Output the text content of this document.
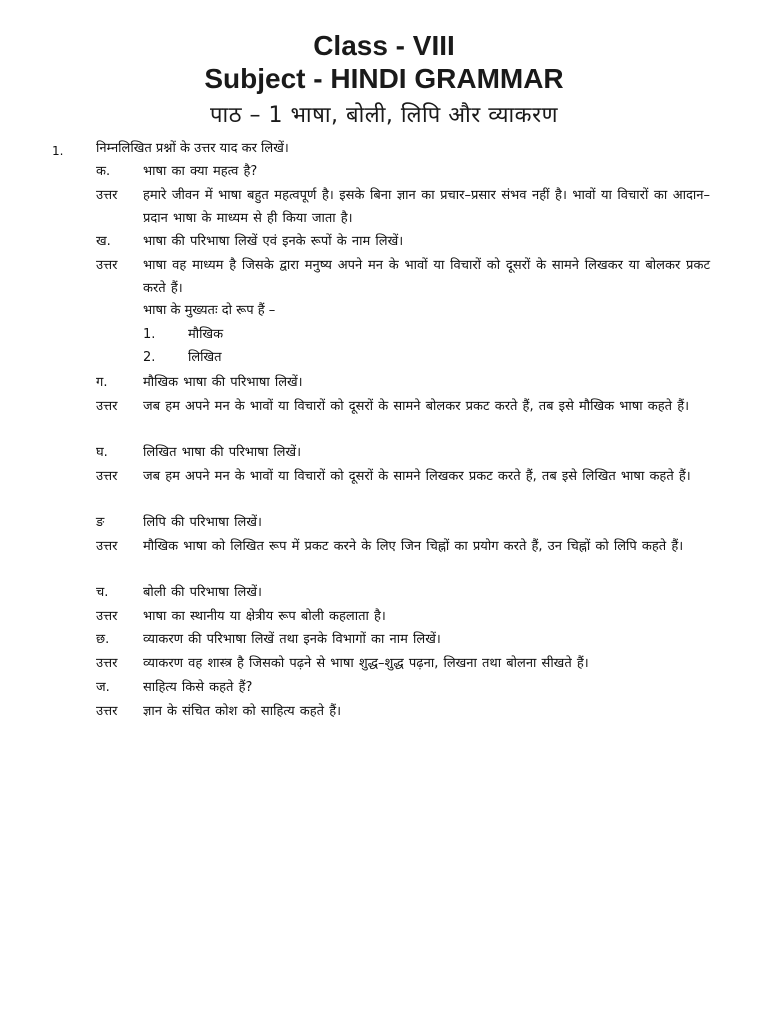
Class - VIII
Subject - HINDI GRAMMAR
पाठ – 1 भाषा, बोली, लिपि और व्याकरण
1.	निम्नलिखित प्रश्नों के उत्तर याद कर लिखें।
क.	भाषा का क्या महत्व है?
उत्तर	हमारे जीवन में भाषा बहुत महत्वपूर्ण है। इसके बिना ज्ञान का प्रचार–प्रसार संभव नहीं है। भावों या विचारों का आदान–प्रदान भाषा के माध्यम से ही किया जाता है।
ख.	भाषा की परिभाषा लिखें एवं इनके रूपों के नाम लिखें।
उत्तर	भाषा वह माध्यम है जिसके द्वारा मनुष्य अपने मन के भावों या विचारों को दूसरों के सामने लिखकर या बोलकर प्रकट करते हैं।
भाषा के मुख्यतः दो रूप हैं –
1.	मौखिक
2.	लिखित
ग.	मौखिक भाषा की परिभाषा लिखें।
उत्तर	जब हम अपने मन के भावों या विचारों को दूसरों के सामने बोलकर प्रकट करते हैं, तब इसे मौखिक भाषा कहते हैं।
घ.	लिखित भाषा की परिभाषा लिखें।
उत्तर	जब हम अपने मन के भावों या विचारों को दूसरों के सामने लिखकर प्रकट करते हैं, तब इसे लिखित भाषा कहते हैं।
ङ	लिपि की परिभाषा लिखें।
उत्तर	मौखिक भाषा को लिखित रूप में प्रकट करने के लिए जिन चिह्नों का प्रयोग करते हैं, उन चिह्नों को लिपि कहते हैं।
च.	बोली की परिभाषा लिखें।
उत्तर	भाषा का स्थानीय या क्षेत्रीय रूप बोली कहलाता है।
छ.	व्याकरण की परिभाषा लिखें तथा इनके विभागों का नाम लिखें।
उत्तर	व्याकरण वह शास्त्र है जिसको पढ़ने से भाषा शुद्ध–शुद्ध पढ़ना, लिखना तथा बोलना सीखते हैं।
ज.	साहित्य किसे कहते हैं?
उत्तर	ज्ञान के संचित कोश को साहित्य कहते हैं।
